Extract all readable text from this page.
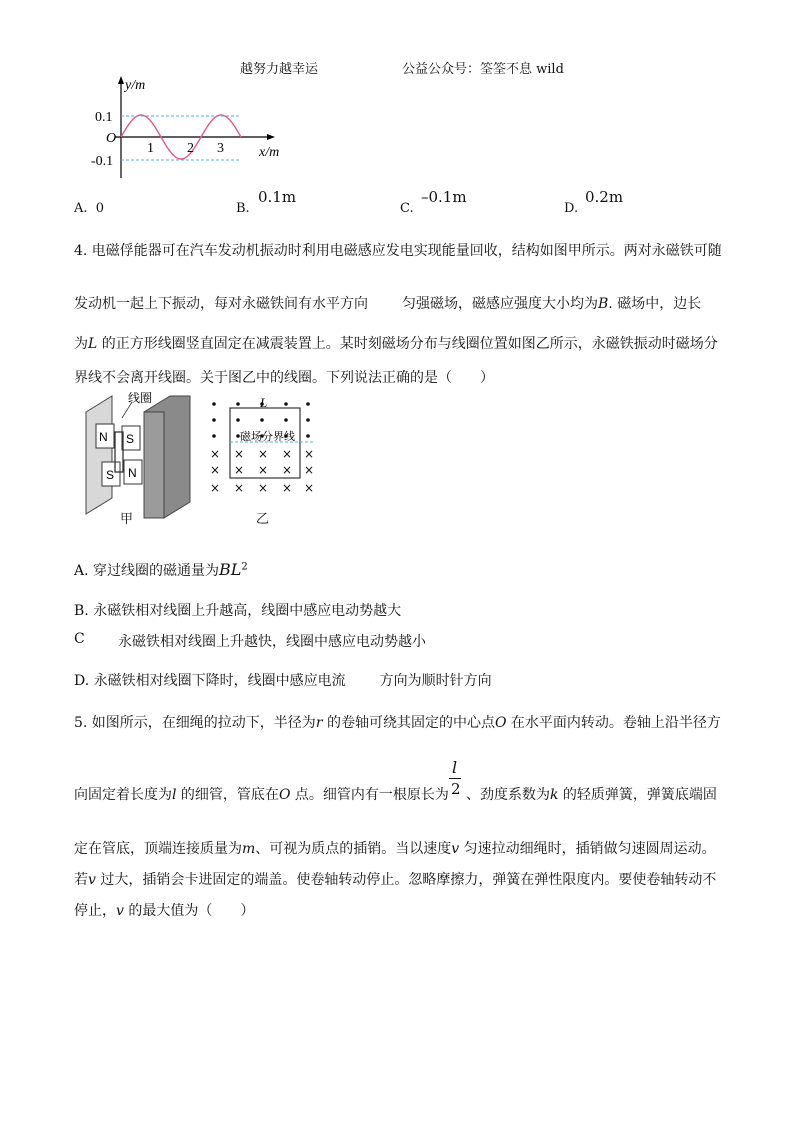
越努力越幸运	公益公众号：筌筌不息 wild
y/m
x/m
O
0.1
-0.1
1 2 3
A. 0	B.
0.1m
C.
–0.1m
D.
0.2m
4. 电磁俘能器可在汽车发动机振动时利用电磁感应发电实现能量回收，结构如图甲所示。两对永磁铁可随
发动机一起上下振动，每对永磁铁间有水平方向 匀强磁场，磁感应强度大小均为B. 磁场中，边长
为L 的正方形线圈竖直固定在减震装置上。某时刻磁场分布与线圈位置如图乙所示，永磁铁振动时磁场分
界线不会离开线圈。关于图乙中的线圈。下列说法正确的是（　　）
线圈
N S
S N
甲
× × × × ×
× × × × ×
× × × × ×
L
磁场分界线
乙
A. 穿过线圈的磁通量为$BL^2$
B. 永磁铁相对线圈上升越高，线圈中感应电动势越大
C 永磁铁相对线圈上升越快，线圈中感应电动势越小
D. 永磁铁相对线圈下降时，线圈中感应电流 方向为顺时针方向
5. 如图所示，在细绳的拉动下，半径为r 的卷轴可绕其固定的中心点O 在水平面内转动。卷轴上沿半径方
l
2
向固定着长度为l 的细管，管底在O 点。细管内有一根原长为 、劲度系数为k 的轻质弹簧，弹簧底端固
定在管底，顶端连接质量为m、可视为质点的插销。当以速度v 匀速拉动细绳时，插销做匀速圆周运动。
若v 过大，插销会卡进固定的端盖。使卷轴转动停止。忽略摩擦力，弹簧在弹性限度内。要使卷轴转动不
停止，v 的最大值为（　　）
